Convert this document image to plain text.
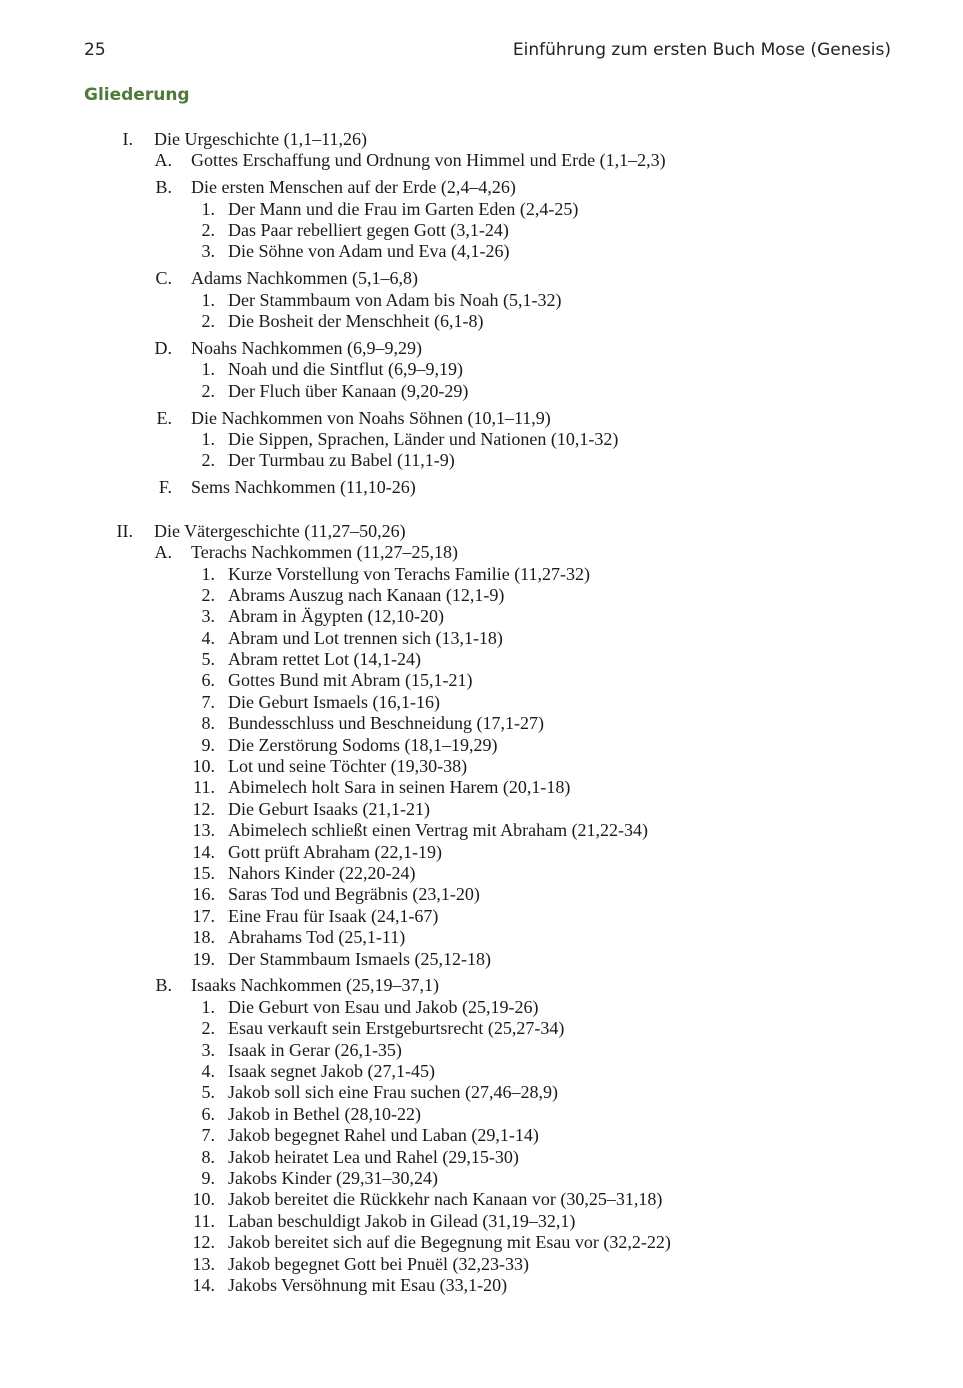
25	Einführung zum ersten Buch Mose (Genesis)
Gliederung
I. Die Urgeschichte (1,1–11,26)
A. Gottes Erschaffung und Ordnung von Himmel und Erde (1,1–2,3)
B. Die ersten Menschen auf der Erde (2,4–4,26)
1. Der Mann und die Frau im Garten Eden (2,4-25)
2. Das Paar rebelliert gegen Gott (3,1-24)
3. Die Söhne von Adam und Eva (4,1-26)
C. Adams Nachkommen (5,1–6,8)
1. Der Stammbaum von Adam bis Noah (5,1-32)
2. Die Bosheit der Menschheit (6,1-8)
D. Noahs Nachkommen (6,9–9,29)
1. Noah und die Sintflut (6,9–9,19)
2. Der Fluch über Kanaan (9,20-29)
E. Die Nachkommen von Noahs Söhnen (10,1–11,9)
1. Die Sippen, Sprachen, Länder und Nationen (10,1-32)
2. Der Turmbau zu Babel (11,1-9)
F. Sems Nachkommen (11,10-26)
II. Die Vätergeschichte (11,27–50,26)
A. Terachs Nachkommen (11,27–25,18)
1. Kurze Vorstellung von Terachs Familie (11,27-32)
2. Abrams Auszug nach Kanaan (12,1-9)
3. Abram in Ägypten (12,10-20)
4. Abram und Lot trennen sich (13,1-18)
5. Abram rettet Lot (14,1-24)
6. Gottes Bund mit Abram (15,1-21)
7. Die Geburt Ismaels (16,1-16)
8. Bundesschluss und Beschneidung (17,1-27)
9. Die Zerstörung Sodoms (18,1–19,29)
10. Lot und seine Töchter (19,30-38)
11. Abimelech holt Sara in seinen Harem (20,1-18)
12. Die Geburt Isaaks (21,1-21)
13. Abimelech schließt einen Vertrag mit Abraham (21,22-34)
14. Gott prüft Abraham (22,1-19)
15. Nahors Kinder (22,20-24)
16. Saras Tod und Begräbnis (23,1-20)
17. Eine Frau für Isaak (24,1-67)
18. Abrahams Tod (25,1-11)
19. Der Stammbaum Ismaels (25,12-18)
B. Isaaks Nachkommen (25,19–37,1)
1. Die Geburt von Esau und Jakob (25,19-26)
2. Esau verkauft sein Erstgeburtsrecht (25,27-34)
3. Isaak in Gerar (26,1-35)
4. Isaak segnet Jakob (27,1-45)
5. Jakob soll sich eine Frau suchen (27,46–28,9)
6. Jakob in Bethel (28,10-22)
7. Jakob begegnet Rahel und Laban (29,1-14)
8. Jakob heiratet Lea und Rahel (29,15-30)
9. Jakobs Kinder (29,31–30,24)
10. Jakob bereitet die Rückkehr nach Kanaan vor (30,25–31,18)
11. Laban beschuldigt Jakob in Gilead (31,19–32,1)
12. Jakob bereitet sich auf die Begegnung mit Esau vor (32,2-22)
13. Jakob begegnet Gott bei Pnuël (32,23-33)
14. Jakobs Versöhnung mit Esau (33,1-20)
